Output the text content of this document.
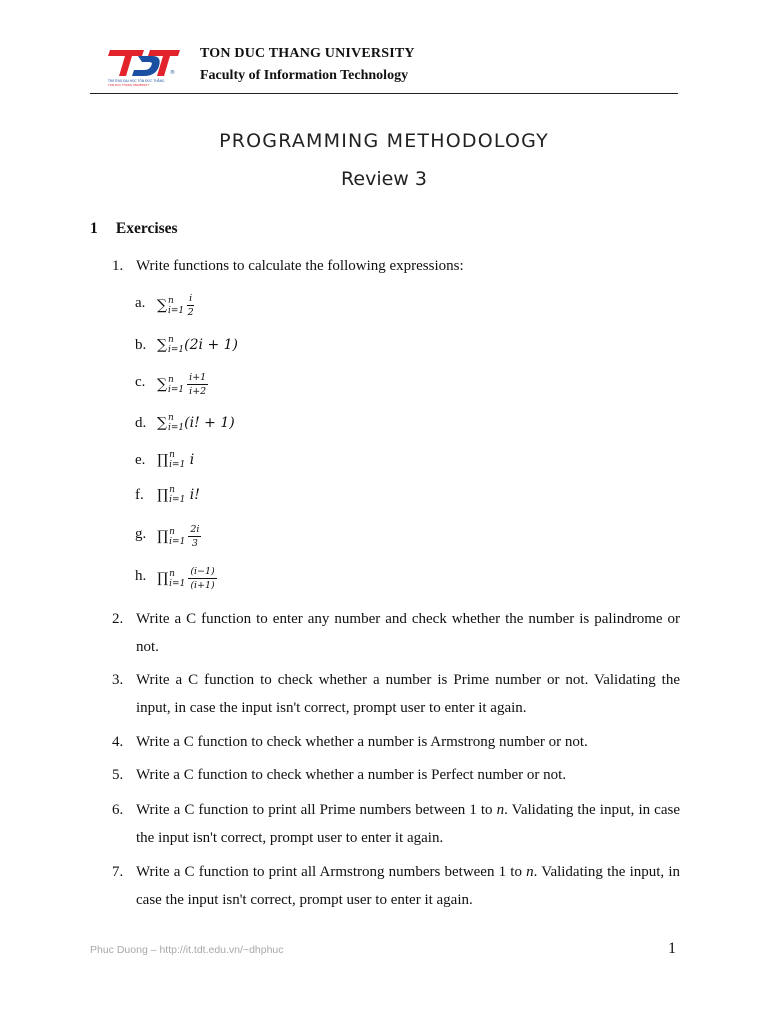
®
TRƯỜNG ĐẠI HỌC TÔN ĐỨC THẮNG
TON DUC THANG UNIVERSITY
TON DUC THANG UNIVERSITY
Faculty of Information Technology
PROGRAMMING METHODOLOGY
Review 3
1 Exercises
1. Write functions to calculate the following expressions:
a. ∑ n
$i=1 \frac{i}{2}$
b. ∑ n
i=1 (2i + 1)
c. ∑ n
$i=1 \frac{i+1}{i+2}$
d. ∑ n
i=1 (i! + 1)
e. ∏ n
i=1 i
f. ∏ n
i=1 i!
g. ∏ n
$i=1 \frac{2i}{3}$
h. ∏ n
$i=1 \frac{(i-1)}{(i+1)}$
2. Write a C function to enter any number and check whether the number is palindrome or not.
3. Write a C function to check whether a number is Prime number or not. Validating the input, in case the input isn't correct, prompt user to enter it again.
4. Write a C function to check whether a number is Armstrong number or not.
5. Write a C function to check whether a number is Perfect number or not.
6. Write a C function to print all Prime numbers between 1 to n. Validating the input, in case the input isn't correct, prompt user to enter it again.
7. Write a C function to print all Armstrong numbers between 1 to n. Validating the input, in case the input isn't correct, prompt user to enter it again.
Phuc Duong – http://it.tdt.edu.vn/~dhphuc	1
